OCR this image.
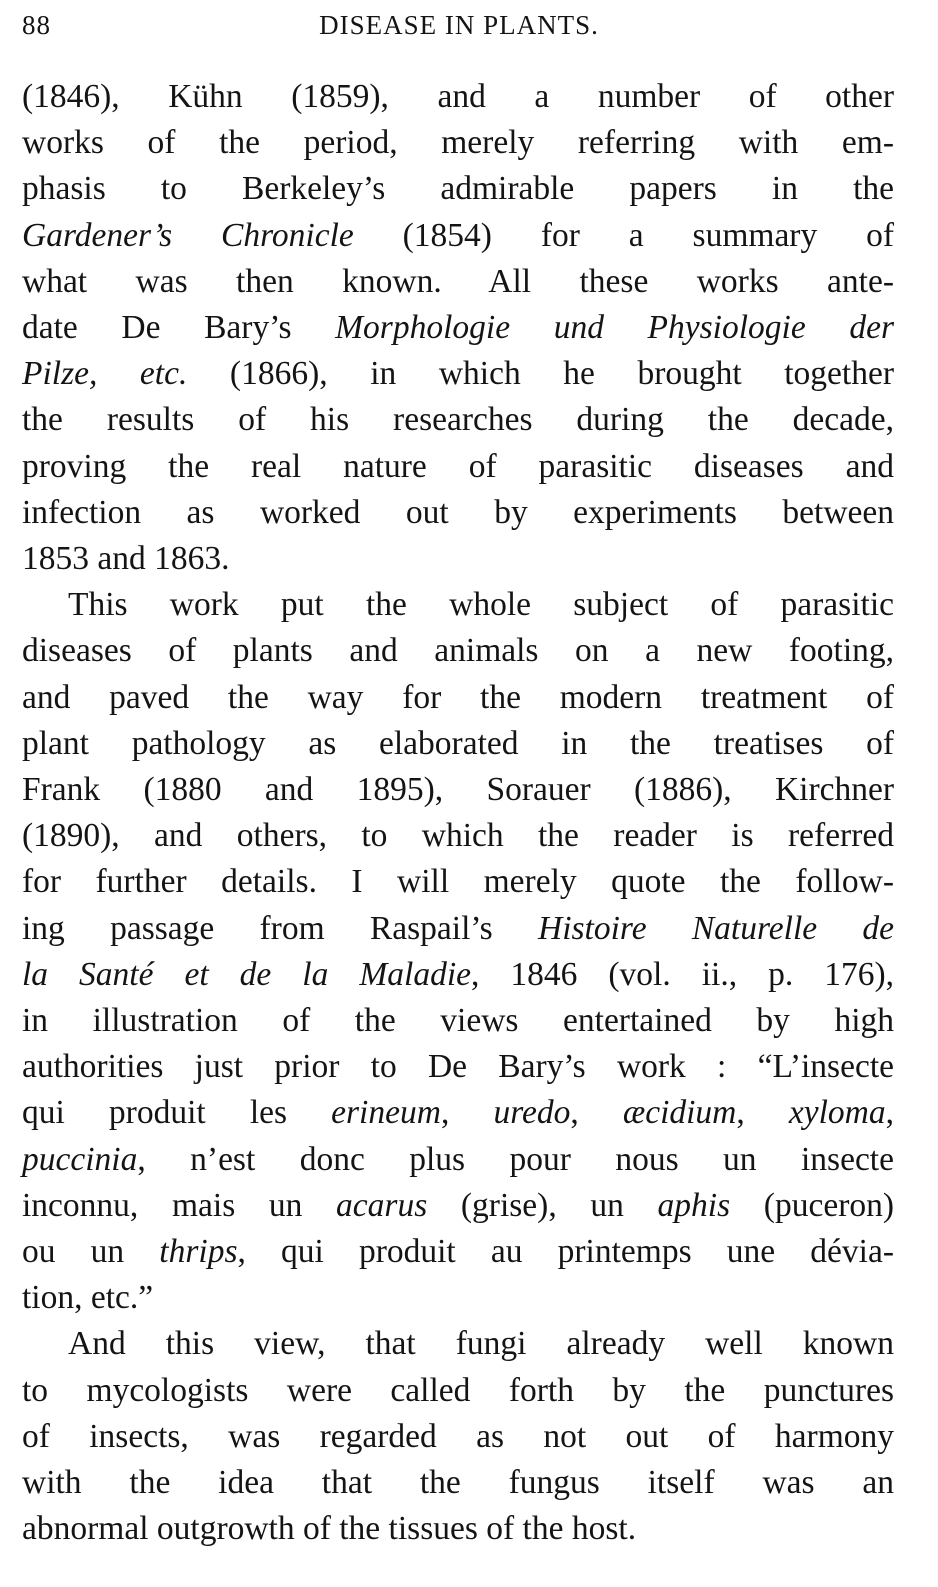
88	DISEASE IN PLANTS.
(1846), Kühn (1859), and a number of other
works of the period, merely referring with em-
phasis to Berkeley’s admirable papers in the
Gardener’s Chronicle (1854) for a summary of
what was then known. All these works ante-
date De Bary’s Morphologie und Physiologie der
Pilze, etc. (1866), in which he brought together
the results of his researches during the decade,
proving the real nature of parasitic diseases and
infection as worked out by experiments between
1853 and 1863.
This work put the whole subject of parasitic
diseases of plants and animals on a new footing,
and paved the way for the modern treatment of
plant pathology as elaborated in the treatises of
Frank (1880 and 1895), Sorauer (1886), Kirchner
(1890), and others, to which the reader is referred
for further details. I will merely quote the follow-
ing passage from Raspail’s Histoire Naturelle de
la Santé et de la Maladie, 1846 (vol. ii., p. 176),
in illustration of the views entertained by high
authorities just prior to De Bary’s work : “L’insecte
qui produit les erineum, uredo, æcidium, xyloma,
puccinia, n’est donc plus pour nous un insecte
inconnu, mais un acarus (grise), un aphis (puceron)
ou un thrips, qui produit au printemps une dévia-
tion, etc.”
And this view, that fungi already well known
to mycologists were called forth by the punctures
of insects, was regarded as not out of harmony
with the idea that the fungus itself was an
abnormal outgrowth of the tissues of the host.
